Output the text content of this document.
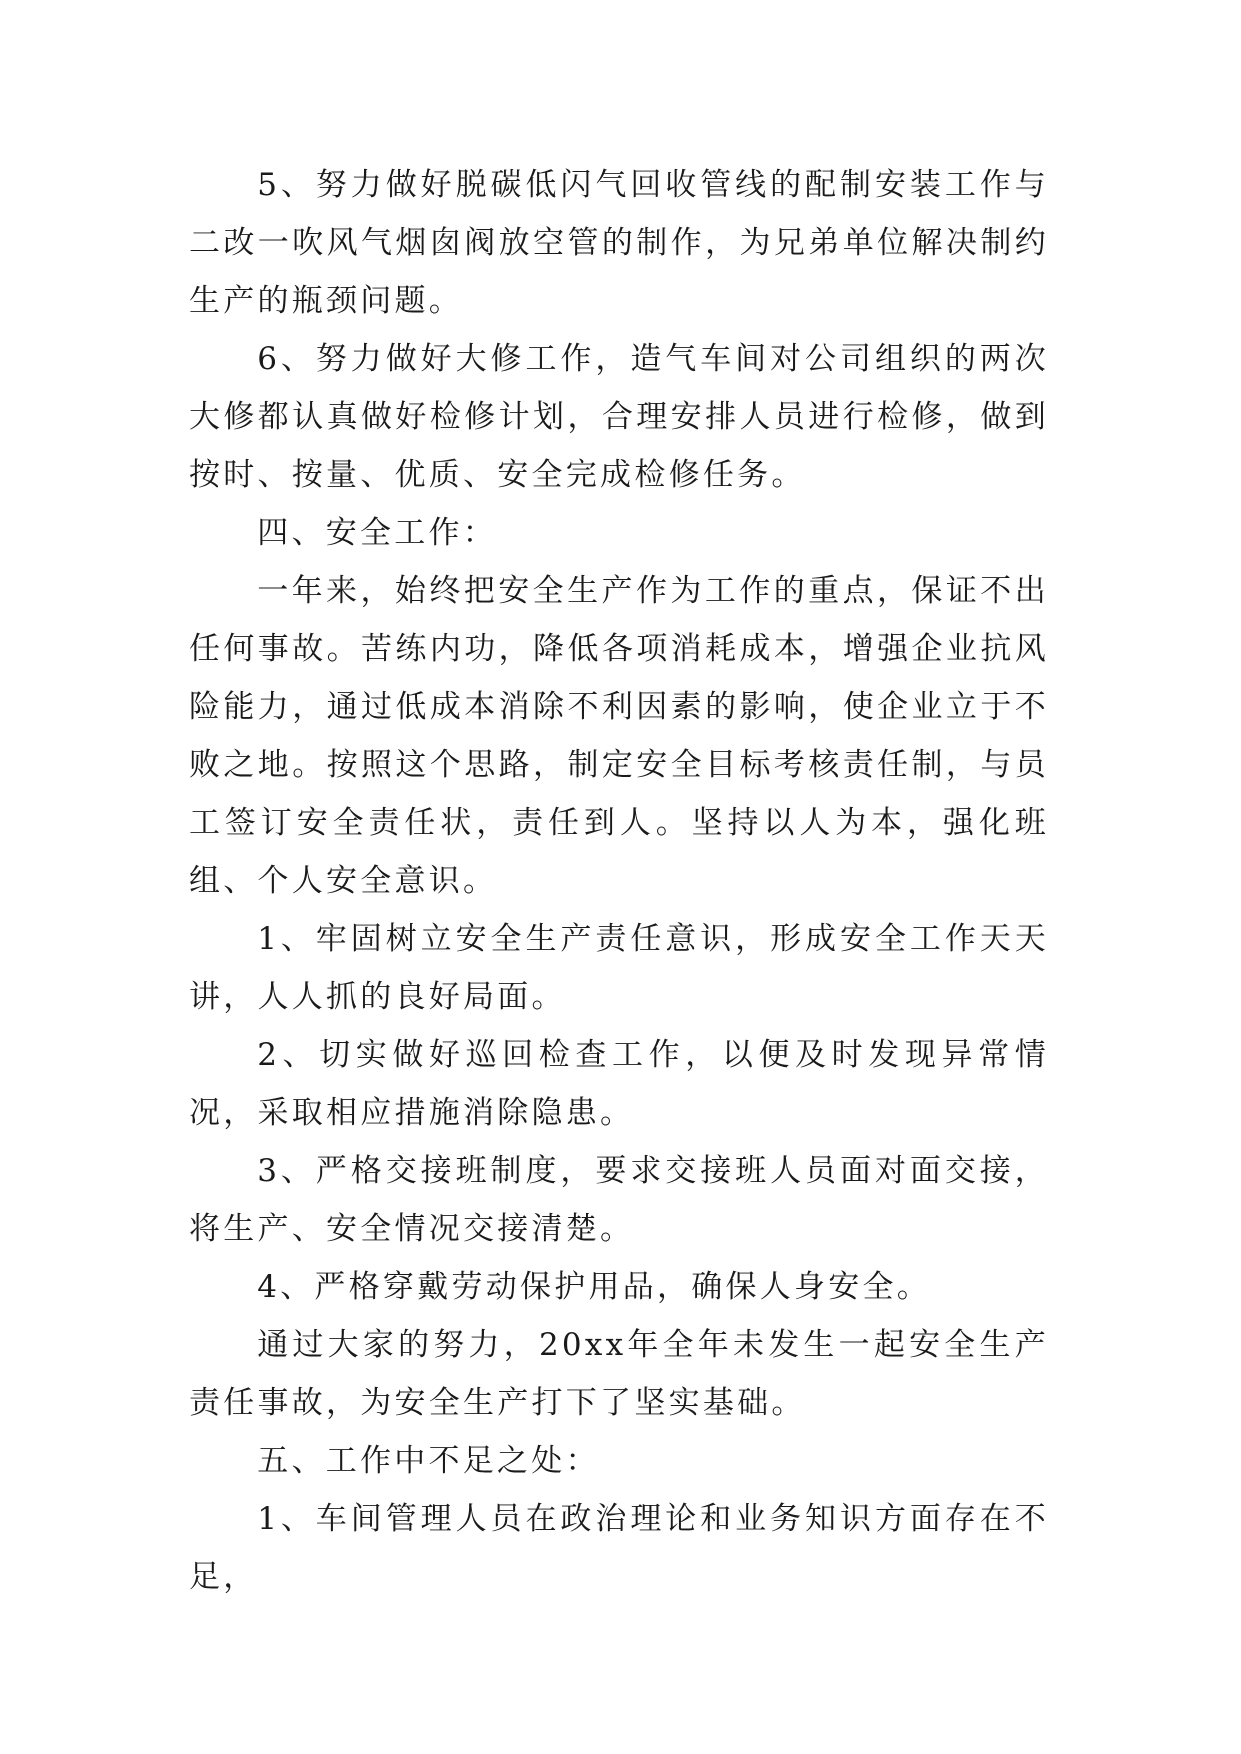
5、努力做好脱碳低闪气回收管线的配制安装工作与二改一吹风气烟囱阀放空管的制作，为兄弟单位解决制约生产的瓶颈问题。

6、努力做好大修工作，造气车间对公司组织的两次大修都认真做好检修计划，合理安排人员进行检修，做到按时、按量、优质、安全完成检修任务。

四、安全工作：

一年来，始终把安全生产作为工作的重点，保证不出任何事故。苦练内功，降低各项消耗成本，增强企业抗风险能力，通过低成本消除不利因素的影响，使企业立于不败之地。按照这个思路，制定安全目标考核责任制，与员工签订安全责任状，责任到人。坚持以人为本，强化班组、个人安全意识。

1、牢固树立安全生产责任意识，形成安全工作天天讲，人人抓的良好局面。

2、切实做好巡回检查工作，以便及时发现异常情况，采取相应措施消除隐患。

3、严格交接班制度，要求交接班人员面对面交接，将生产、安全情况交接清楚。

4、严格穿戴劳动保护用品，确保人身安全。

通过大家的努力，20xx年全年未发生一起安全生产责任事故，为安全生产打下了坚实基础。

五、工作中不足之处：

1、车间管理人员在政治理论和业务知识方面存在不足，
